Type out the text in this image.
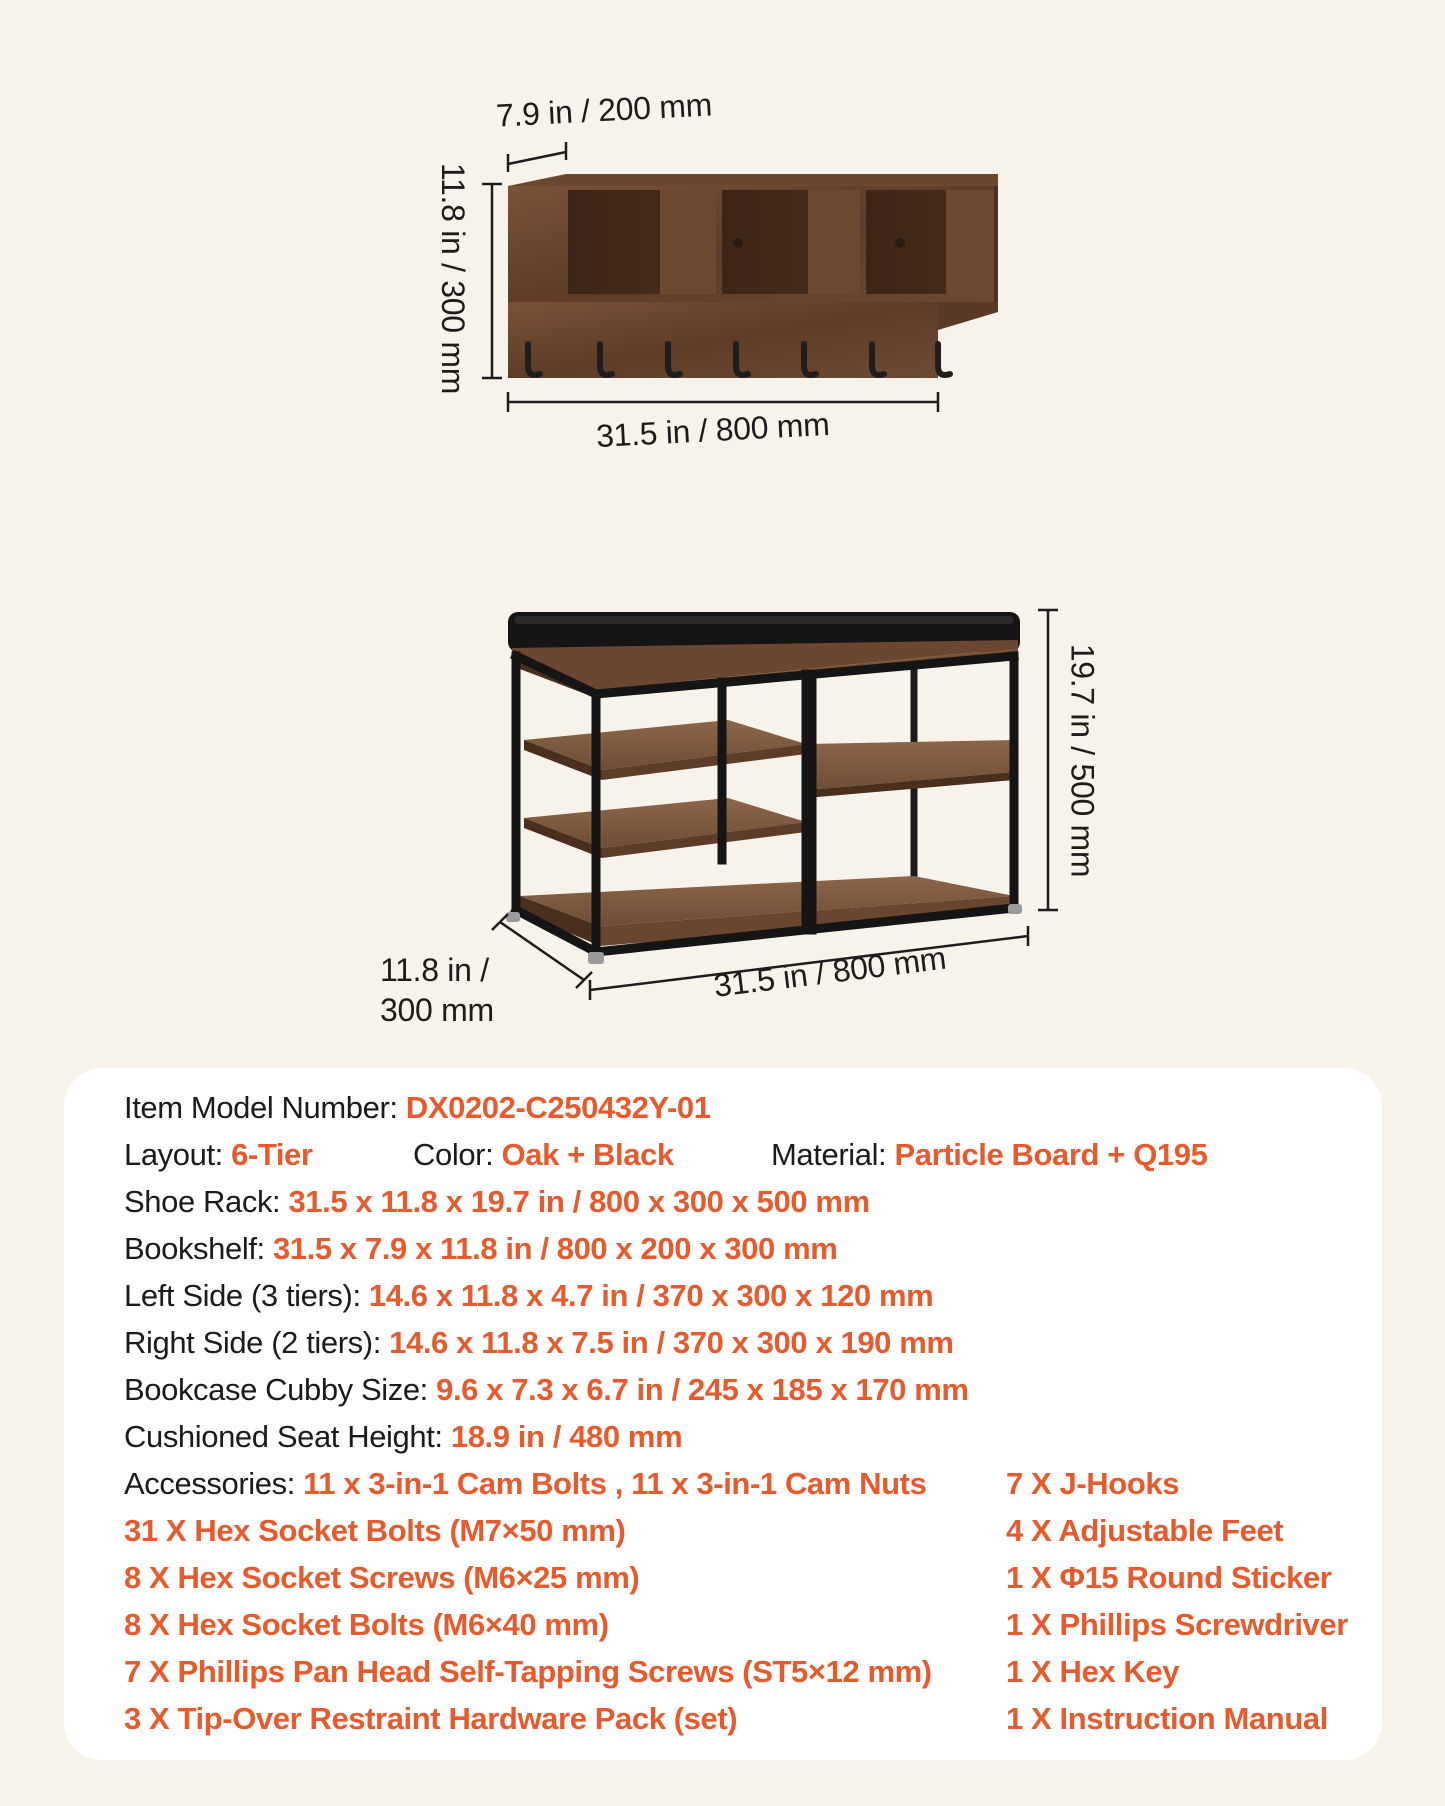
7.9 in / 200 mm
11.8 in / 300 mm
31.5 in / 800 mm
19.7 in / 500 mm
11.8 in /
300 mm
31.5 in / 800 mm
Item Model Number: DX0202-C250432Y-01
Layout: 6-Tier	Color: Oak + Black	Material: Particle Board + Q195
Shoe Rack: 31.5 x 11.8 x 19.7 in / 800 x 300 x 500 mm
Bookshelf: 31.5 x 7.9 x 11.8 in / 800 x 200 x 300 mm
Left Side (3 tiers): 14.6 x 11.8 x 4.7 in / 370 x 300 x 120 mm
Right Side (2 tiers): 14.6 x 11.8 x 7.5 in / 370 x 300 x 190 mm
Bookcase Cubby Size: 9.6 x 7.3 x 6.7 in / 245 x 185 x 170 mm
Cushioned Seat Height: 18.9 in / 480 mm
Accessories: 11 x 3-in-1 Cam Bolts , 11 x 3-in-1 Cam Nuts
31 X Hex Socket Bolts (M7×50 mm)
8 X Hex Socket Screws (M6×25 mm)
8 X Hex Socket Bolts (M6×40 mm)
7 X Phillips Pan Head Self-Tapping Screws (ST5×12 mm)
3 X Tip-Over Restraint Hardware Pack (set)
7 X J-Hooks
4 X Adjustable Feet
1 X Φ15 Round Sticker
1 X Phillips Screwdriver
1 X Hex Key
1 X Instruction Manual
